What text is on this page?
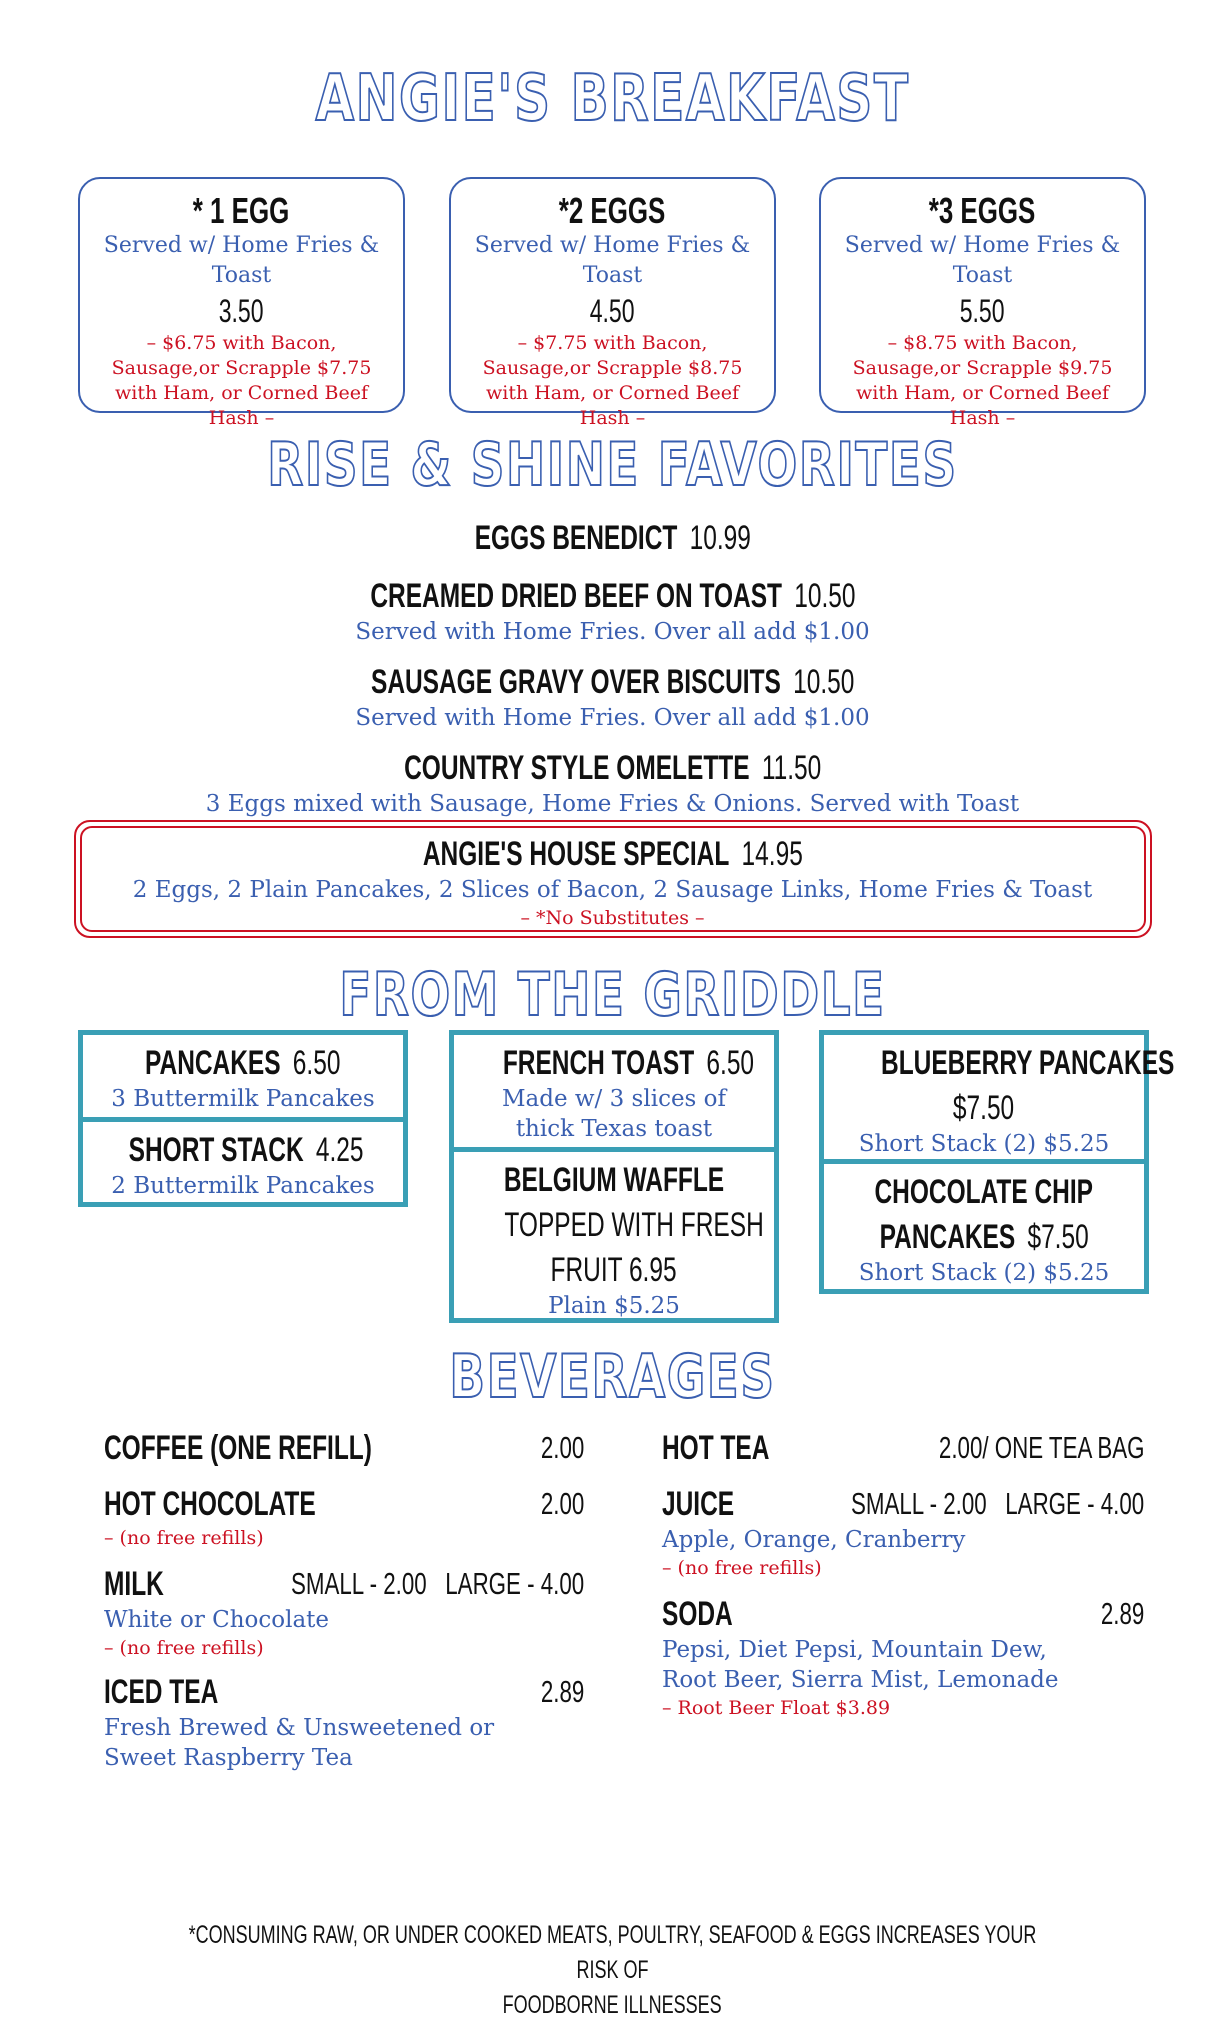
ANGIE'S BREAKFAST
* 1 EGG
Served w/ Home Fries & Toast
3.50
– $6.75 with Bacon, Sausage,or Scrapple $7.75 with Ham, or Corned Beef Hash –
*2 EGGS
Served w/ Home Fries & Toast
4.50
– $7.75 with Bacon, Sausage,or Scrapple $8.75 with Ham, or Corned Beef Hash –
*3 EGGS
Served w/ Home Fries & Toast
5.50
– $8.75 with Bacon, Sausage,or Scrapple $9.75 with Ham, or Corned Beef Hash –
RISE & SHINE FAVORITES
EGGS BENEDICT 10.99
CREAMED DRIED BEEF ON TOAST 10.50
Served with Home Fries. Over all add $1.00
SAUSAGE GRAVY OVER BISCUITS 10.50
Served with Home Fries. Over all add $1.00
COUNTRY STYLE OMELETTE 11.50
3 Eggs mixed with Sausage, Home Fries & Onions. Served with Toast
ANGIE'S HOUSE SPECIAL 14.95
2 Eggs, 2 Plain Pancakes, 2 Slices of Bacon, 2 Sausage Links, Home Fries & Toast
– *No Substitutes –
FROM THE GRIDDLE
PANCAKES 6.50
3 Buttermilk Pancakes
SHORT STACK 4.25
2 Buttermilk Pancakes
FRENCH TOAST 6.50
Made w/ 3 slices of thick Texas toast
BELGIUM WAFFLE
TOPPED WITH FRESH
FRUIT 6.95
Plain $5.25
BLUEBERRY PANCAKES
$7.50
Short Stack (2) $5.25
CHOCOLATE CHIP
PANCAKES $7.50
Short Stack (2) $5.25
BEVERAGES
COFFEE (ONE REFILL)	2.00
HOT CHOCOLATE	2.00
– (no free refills)
MILK	SMALL - 2.00   LARGE - 4.00
White or Chocolate
– (no free refills)
ICED TEA	2.89
Fresh Brewed & Unsweetened or
Sweet Raspberry Tea
HOT TEA	2.00/ ONE TEA BAG
JUICE	SMALL - 2.00   LARGE - 4.00
Apple, Orange, Cranberry
– (no free refills)
SODA	2.89
Pepsi, Diet Pepsi, Mountain Dew,
Root Beer, Sierra Mist, Lemonade
– Root Beer Float $3.89
*CONSUMING RAW, OR UNDER COOKED MEATS, POULTRY, SEAFOOD & EGGS INCREASES YOUR RISK OF
FOODBORNE ILLNESSES
